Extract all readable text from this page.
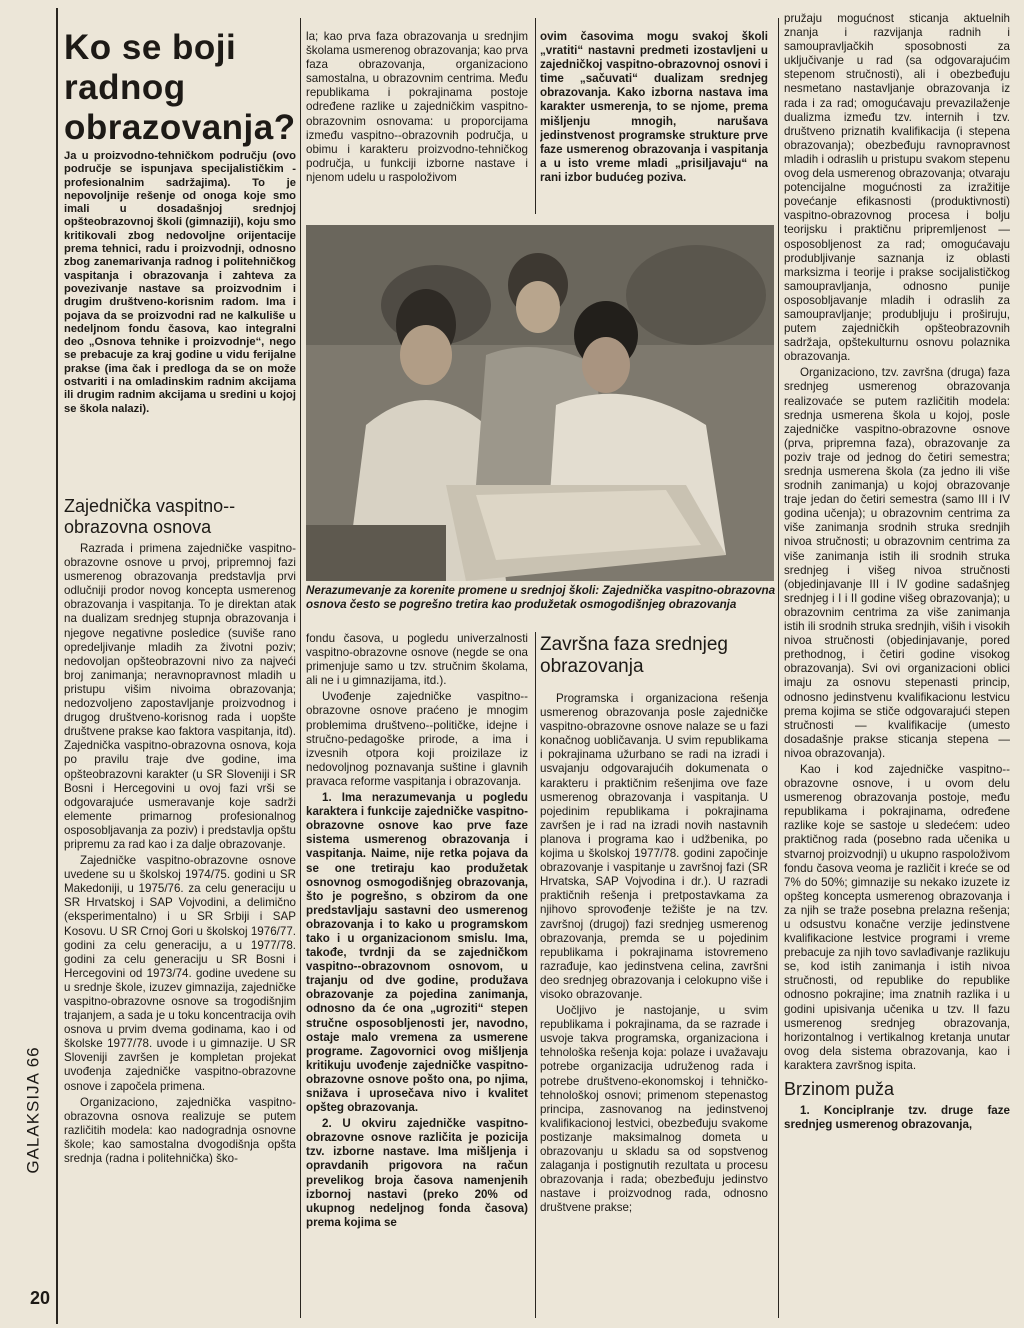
GALAKSIJA 66
20
Ko se boji radnog obrazovanja?
Ja u proizvodno-tehničkom području (ovo područje se ispunjava specijalističkim - profesionalnim sadržajima). To je nepovoljnije rešenje od onoga koje smo imali u dosadašnjoj srednjoj opšteobrazovnoj školi (gimnaziji), koju smo kritikovali zbog nedovoljne orijentacije prema tehnici, radu i proizvodnji, odnosno zbog zanemarivanja radnog i politehničkog vaspitanja i obrazovanja i zahteva za povezivanje nastave sa proizvodnim i drugim društveno-korisnim radom. Ima i pojava da se proizvodni rad ne kalkuliše u nedeljnom fondu časova, kao integralni deo „Osnova tehnike i proizvodnje“, nego se prebacuje za kraj godine u vidu ferijalne prakse (ima čak i predloga da se on može ostvariti i na omladinskim radnim akcijama ili drugim radnim akcijama u sredini u kojoj se škola nalazi).
Zajednička vaspitno--obrazovna osnova

Razrada i primena zajedničke vaspitno-obrazovne osnove u prvoj, pripremnoj fazi usmerenog obrazovanja predstavlja prvi odlučniji prodor novog koncepta usmerenog obrazovanja i vaspitanja. To je direktan atak na dualizam srednjeg stupnja obrazovanja i njegove negativne posledice (suviše rano opredeljivanje mladih za životni poziv; nedovoljan opšteobrazovni nivo za najveći broj zanimanja; neravnopravnost mladih u pristupu višim nivoima obrazovanja; nedozvoljeno zapostavljanje proizvodnog i drugog društveno-korisnog rada i uopšte društvene prakse kao faktora vaspitanja, itd). Zajednička vaspitno-obrazovna osnova, koja po pravilu traje dve godine, ima opšteobrazovni karakter (u SR Sloveniji i SR Bosni i Hercegovini u ovoj fazi vrši se odgovarajuće usmeravanje koje sadrži elemente primarnog profesionalnog osposobljavanja za poziv) i predstavlja opštu pripremu za rad kao i za dalje obrazovanje.

Zajedničke vaspitno-obrazovne osnove uvedene su u školskoj 1974/75. godini u SR Makedoniji, u 1975/76. za celu generaciju u SR Hrvatskoj i SAP Vojvodini, a delimično (eksperimentalno) i u SR Srbiji i SAP Kosovu. U SR Crnoj Gori u školskoj 1976/77. godini za celu generaciju, a u 1977/78. godini za celu generaciju u SR Bosni i Hercegovini od 1973/74. godine uvedene su u srednje škole, izuzev gimnazija, zajedničke vaspitno-obrazovne osnove sa trogodišnjim trajanjem, a sada je u toku koncentracija ovih osnova u prvim dvema godinama, kao i od školske 1977/78. uvode i u gimnazije. U SR Sloveniji završen je kompletan projekat uvođenja zajedničke vaspitno-obrazovne osnove i započela primena.

Organizaciono, zajednička vaspitno-obrazovna osnova realizuje se putem različitih modela: kao nadogradnja osnovne škole; kao samostalna dvogodišnja opšta srednja (radna i politehnička) ško-

la; kao prva faza obrazovanja u srednjim školama usmerenog obrazovanja; kao prva faza obrazovanja, organizaciono samostalna, u obrazovnim centrima. Među republikama i pokrajinama postoje određene razlike u zajedničkim vaspitno-obrazovnim osnovama: u proporcijama između vaspitno--obrazovnih područja, u obimu i karakteru proizvodno-tehničkog područja, u funkciji izborne nastave i njenom udelu u raspoloživom

ovim časovima mogu svakoj školi „vratiti“ nastavni predmeti izostavljeni u zajedničkoj vaspitno-obrazovnoj osnovi i time „sačuvati“ dualizam srednjeg obrazovanja. Kako izborna nastava ima karakter usmerenja, to se njome, prema mišljenju mnogih, narušava jedinstvenost programske strukture prve faze usmerenog obrazovanja i vaspitanja a u isto vreme mladi „prisiljavaju“ na rani izbor budućeg poziva.

Nerazumevanje za korenite promene u srednjoj školi: Zajednička vaspitno-obrazovna osnova često se pogrešno tretira kao produžetak osmogodišnjeg obrazovanja

fondu časova, u pogledu univerzalnosti vaspitno-obrazovne osnove (negde se ona primenjuje samo u tzv. stručnim školama, ali ne i u gimnazijama, itd.).

Uvođenje zajedničke vaspitno--obrazovne osnove praćeno je mnogim problemima društveno--političke, idejne i stručno-pedagoške prirode, a ima i izvesnih otpora koji proizilaze iz nedovoljnog poznavanja suštine i glavnih pravaca reforme vaspitanja i obrazovanja.

1. Ima nerazumevanja u pogledu karaktera i funkcije zajedničke vaspitno-obrazovne osnove kao prve faze sistema usmerenog obrazovanja i vaspitanja. Naime, nije retka pojava da se one tretiraju kao produžetak osnovnog osmogodišnjeg obrazovanja, što je pogrešno, s obzirom da one predstavljaju sastavni deo usmerenog obrazovanja i to kako u programskom tako i u organizacionom smislu. Ima, takođe, tvrdnji da se zajedničkom vaspitno--obrazovnom osnovom, u trajanju od dve godine, produžava obrazovanje za pojedina zanimanja, odnosno da će ona „ugroziti“ stepen stručne osposobljenosti jer, navodno, ostaje malo vremena za usmerene programe. Zagovornici ovog mišljenja kritikuju uvođenje zajedničke vaspitno-obrazovne osnove pošto ona, po njima, snižava i uprosečava nivo i kvalitet opšteg obrazovanja.

2. U okviru zajedničke vaspitno-obrazovne osnove različita je pozicija tzv. izborne nastave. Ima mišljenja i opravdanih prigovora na račun prevelikog broja časova namenjenih izbornoj nastavi (preko 20% od ukupnog nedeljnog fonda časova) prema kojima se

Završna faza srednjeg obrazovanja

Programska i organizaciona rešenja usmerenog obrazovanja posle zajedničke vaspitno-obrazovne osnove nalaze se u fazi konačnog uobličavanja. U svim republikama i pokrajinama užurbano se radi na izradi i usvajanju odgovarajućih dokumenata o karakteru i praktičnim rešenjima ove faze usmerenog obrazovanja i vaspitanja. U pojedinim republikama i pokrajinama završen je i rad na izradi novih nastavnih planova i programa kao i udžbenika, po kojima u školskoj 1977/78. godini započinje obrazovanje i vaspitanje u završnoj fazi (SR Hrvatska, SAP Vojvodina i dr.). U razradi praktičnih rešenja i pretpostavkama za njihovo sprovođenje težište je na tzv. završnoj (drugoj) fazi srednjeg usmerenog obrazovanja, premda se u pojedinim republikama i pokrajinama istovremeno razrađuje, kao jedinstvena celina, završni deo srednjeg obrazovanja i celokupno više i visoko obrazovanje.

Uočljivo je nastojanje, u svim republikama i pokrajinama, da se razrade i usvoje takva programska, organizaciona i tehnološka rešenja koja: polaze i uvažavaju potrebe organizacija udruženog rada i potrebe društveno-ekonomskoj i tehničko-tehnološkoj osnovi; primenom stepenastog principa, zasnovanog na jedinstvenoj kvalifikacionoj lestvici, obezbeđuju svakome postizanje maksimalnog dometa u obrazovanju u skladu sa od sopstvenog zalaganja i postignutih rezultata u procesu obrazovanja i rada; obezbeđuju jedinstvo nastave i proizvodnog rada, odnosno društvene prakse;

pružaju mogućnost sticanja aktuelnih znanja i razvijanja radnih i samoupravljačkih sposobnosti za uključivanje u rad (sa odgovarajućim stepenom stručnosti), ali i obezbeđuju nesmetano nastavljanje obrazovanja iz rada i za rad; omogućavaju prevazilaženje dualizma između tzv. internih i tzv. društveno priznatih kvalifikacija (i stepena obrazovanja); obezbeđuju ravnopravnost mladih i odraslih u pristupu svakom stepenu ovog dela usmerenog obrazovanja; otvaraju potencijalne mogućnosti za izražitije povećanje efikasnosti (produktivnosti) vaspitno-obrazovnog procesa i bolju teorijsku i praktičnu pripremljenost — osposobljenost za rad; omogućavaju produbljivanje saznanja iz oblasti marksizma i teorije i prakse socijalističkog samoupravljanja, odnosno punije osposobljavanje mladih i odraslih za samoupravljanje; produbljuju i proširuju, putem zajedničkih opšteobrazovnih sadržaja, opštekulturnu osnovu polaznika obrazovanja.

Organizaciono, tzv. završna (druga) faza srednjeg usmerenog obrazovanja realizovaće se putem različitih modela: srednja usmerena škola u kojoj, posle zajedničke vaspitno-obrazovne osnove (prva, pripremna faza), obrazovanje za poziv traje od jednog do četiri semestra; srednja usmerena škola (za jedno ili više srodnih zanimanja) u kojoj obrazovanje traje jedan do četiri semestra (samo III i IV godina učenja); u obrazovnim centrima za više zanimanja srodnih struka srednjih nivoa stručnosti; u obrazovnim centrima za više zanimanja istih ili srodnih struka srednjeg i višeg nivoa stručnosti (objedinjavanje III i IV godine sadašnjeg srednjeg i I i II godine višeg obrazovanja); u obrazovnim centrima za više zanimanja istih ili srodnih struka srednjih, viših i visokih nivoa stručnosti (objedinjavanje, pored prethodnog, i četiri godine visokog obrazovanja). Svi ovi organizacioni oblici imaju za osnovu stepenasti princip, odnosno jedinstvenu kvalifikacionu lestvicu prema kojima se stiče odgovarajući stepen stručnosti — kvalifikacije (umesto dosadašnje prakse sticanja stepena — nivoa obrazovanja).

Kao i kod zajedničke vaspitno--obrazovne osnove, i u ovom delu usmerenog obrazovanja postoje, među republikama i pokrajinama, određene razlike koje se sastoje u sledećem: udeo praktičnog rada (posebno rada učenika u stvarnoj proizvodnji) u ukupno raspoloživom fondu časova veoma je različit i kreće se od 7% do 50%; gimnazije su nekako izuzete iz opšteg koncepta usmerenog obrazovanja i za njih se traže posebna prelazna rešenja; u odsustvu konačne verzije jedinstvene kvalifikacione lestvice programi i vreme prebacuje za njih tovo savlađivanje razlikuju se, kod istih zanimanja i istih nivoa stručnosti, od republike do republike odnosno pokrajine; ima znatnih razlika i u godini upisivanja učenika u tzv. II fazu usmerenog srednjeg obrazovanja, horizontalnog i vertikalnog kretanja unutar ovog dela sistema obrazovanja, kao i karaktera završnog ispita.

Brzinom puža

1. Konciplranje tzv. druge faze srednjeg usmerenog obrazovanja,
